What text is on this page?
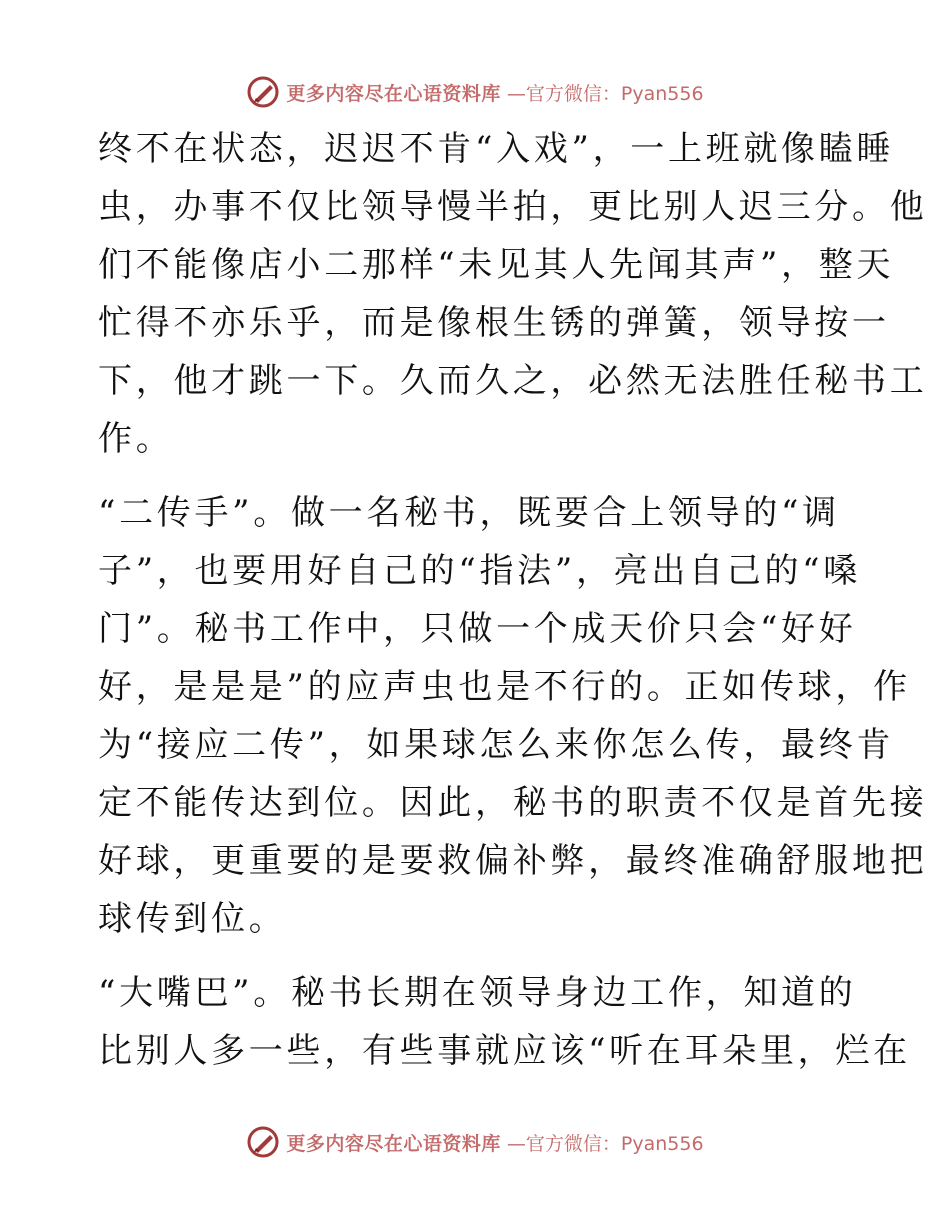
更多内容尽在心语资料库 —官方微信：Pyan556
终不在状态，迟迟不肯“入戏”，一上班就像瞌睡
虫，办事不仅比领导慢半拍，更比别人迟三分。他
们不能像店小二那样“未见其人先闻其声”，整天
忙得不亦乐乎，而是像根生锈的弹簧，领导按一
下，他才跳一下。久而久之，必然无法胜任秘书工
作。
“二传手”。做一名秘书，既要合上领导的“调
子”，也要用好自己的“指法”，亮出自己的“嗓
门”。秘书工作中，只做一个成天价只会“好好
好，是是是”的应声虫也是不行的。正如传球，作
为“接应二传”，如果球怎么来你怎么传，最终肯
定不能传达到位。因此，秘书的职责不仅是首先接
好球，更重要的是要救偏补弊，最终准确舒服地把
球传到位。
“大嘴巴”。秘书长期在领导身边工作，知道的
比别人多一些，有些事就应该“听在耳朵里，烂在
更多内容尽在心语资料库 —官方微信：Pyan556
